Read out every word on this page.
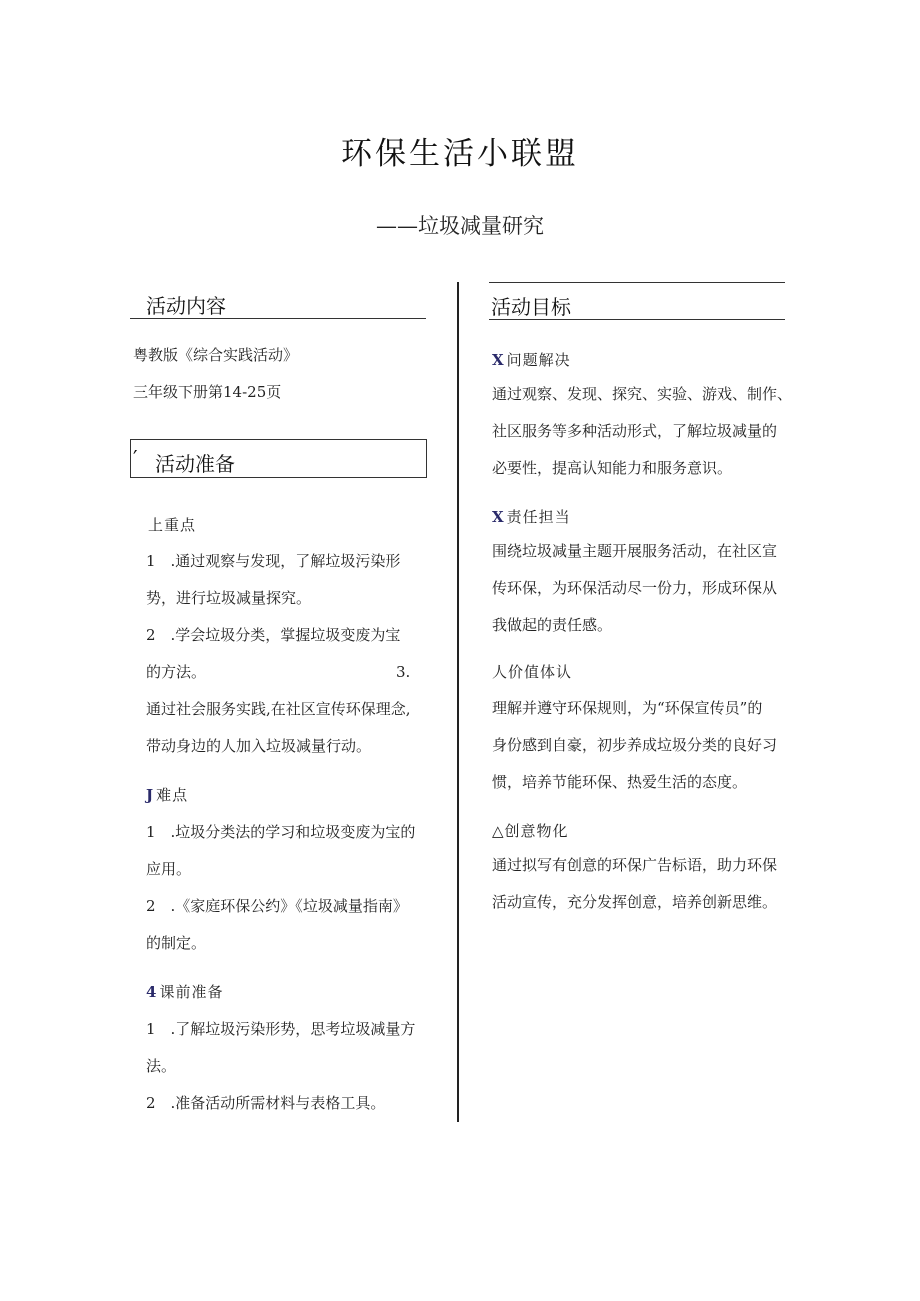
环保生活小联盟
——垃圾减量研究
活动内容
粤教版《综合实践活动》
三年级下册第14-25页
′ 活动准备
上重点
1　.通过观察与发现，了解垃圾污染形
势，进行垃圾减量探究。
2　.学会垃圾分类，掌握垃圾变废为宝
的方法。	3.
通过社会服务实践,在社区宣传环保理念,
带动身边的人加入垃圾减量行动。
J 难点
1　.垃圾分类法的学习和垃圾变废为宝的
应用。
2　.《家庭环保公约》《垃圾减量指南》
的制定。
4 课前准备
1　.了解垃圾污染形势，思考垃圾减量方
法。
2　.准备活动所需材料与表格工具。
活动目标
X 问题解决
通过观察、发现、探究、实验、游戏、制作、
社区服务等多种活动形式，了解垃圾减量的
必要性，提高认知能力和服务意识。
X 责任担当
围绕垃圾减量主题开展服务活动，在社区宣
传环保，为环保活动尽一份力，形成环保从
我做起的责任感。
人价值体认
理解并遵守环保规则，为“环保宣传员”的
身份感到自豪，初步养成垃圾分类的良好习
惯，培养节能环保、热爱生活的态度。
△创意物化
通过拟写有创意的环保广告标语，助力环保
活动宣传，充分发挥创意，培养创新思维。
